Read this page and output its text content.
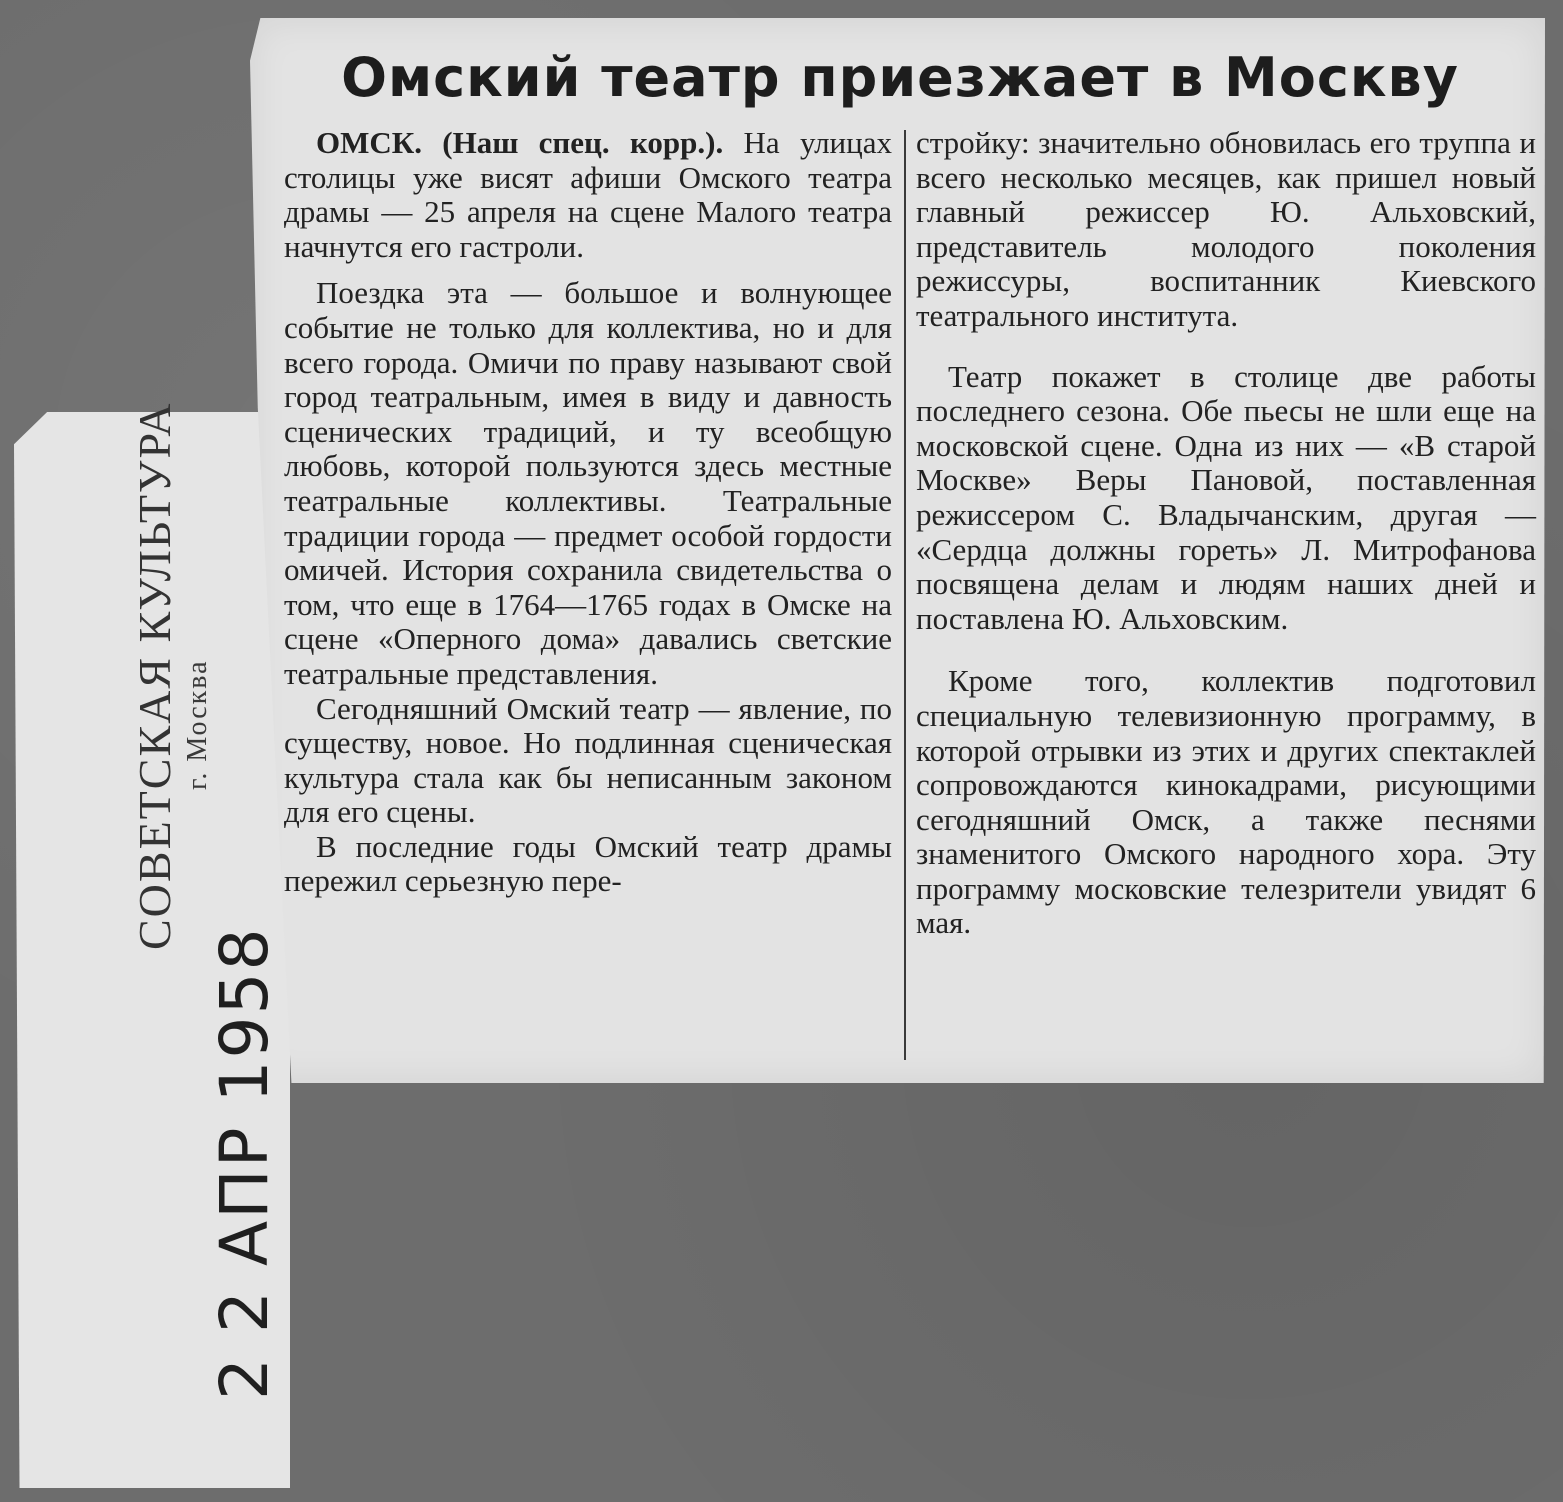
СОВЕТСКАЯ КУЛЬТУРА г. Москва
2 2 АПР 1958
Омский театр приезжает в Москву

ОМСК. (Наш спец. корр.). На улицах столицы уже висят афиши Омского театра драмы — 25 апреля на сцене Малого театра начнутся его гастроли.

Поездка эта — большое и волнующее событие не только для коллектива, но и для всего города. Омичи по праву называют свой город театральным, имея в виду и давность сценических традиций, и ту всеобщую любовь, которой пользуются здесь местные театральные коллективы. Театральные традиции города — предмет особой гордости омичей. История сохранила свидетельства о том, что еще в 1764—1765 годах в Омске на сцене «Оперного дома» давались светские театральные представления.

Сегодняшний Омский театр — явление, по существу, новое. Но подлинная сценическая культура стала как бы неписанным законом для его сцены.

В последние годы Омский театр драмы пережил серьезную пере-

стройку: значительно обновилась его труппа и всего несколько месяцев, как пришел новый главный режиссер Ю. Альховский, представитель молодого поколения режиссуры, воспитанник Киевского театрального института.

Театр покажет в столице две работы последнего сезона. Обе пьесы не шли еще на московской сцене. Одна из них — «В старой Москве» Веры Пановой, поставленная режиссером С. Владычанским, другая — «Сердца должны гореть» Л. Митрофанова посвящена делам и людям наших дней и поставлена Ю. Альховским.

Кроме того, коллектив подготовил специальную телевизионную программу, в которой отрывки из этих и других спектаклей сопровождаются кинокадрами, рисующими сегодняшний Омск, а также песнями знаменитого Омского народного хора. Эту программу московские телезрители увидят 6 мая.
